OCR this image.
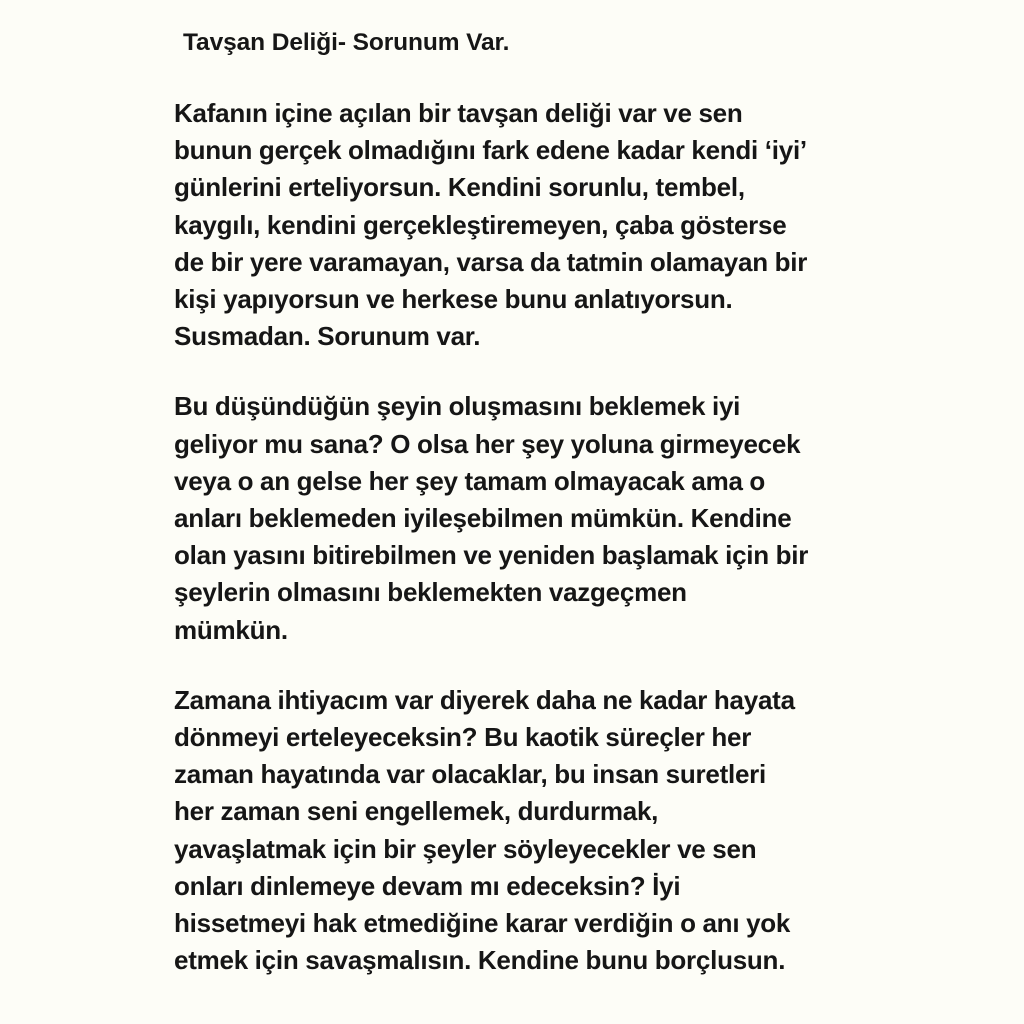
Tavşan Deliği- Sorunum Var.
Kafanın içine açılan bir tavşan deliği var ve sen
bunun gerçek olmadığını fark edene kadar kendi ‘iyi’
günlerini erteliyorsun. Kendini sorunlu, tembel,
kaygılı, kendini gerçekleştiremeyen, çaba gösterse
de bir yere varamayan, varsa da tatmin olamayan bir
kişi yapıyorsun ve herkese bunu anlatıyorsun.
Susmadan. Sorunum var.
Bu düşündüğün şeyin oluşmasını beklemek iyi
geliyor mu sana? O olsa her şey yoluna girmeyecek
veya o an gelse her şey tamam olmayacak ama o
anları beklemeden iyileşebilmen mümkün. Kendine
olan yasını bitirebilmen ve yeniden başlamak için bir
şeylerin olmasını beklemekten vazgeçmen
mümkün.
Zamana ihtiyacım var diyerek daha ne kadar hayata
dönmeyi erteleyeceksin? Bu kaotik süreçler her
zaman hayatında var olacaklar, bu insan suretleri
her zaman seni engellemek, durdurmak,
yavaşlatmak için bir şeyler söyleyecekler ve sen
onları dinlemeye devam mı edeceksin? İyi
hissetmeyi hak etmediğine karar verdiğin o anı yok
etmek için savaşmalısın. Kendine bunu borçlusun.
